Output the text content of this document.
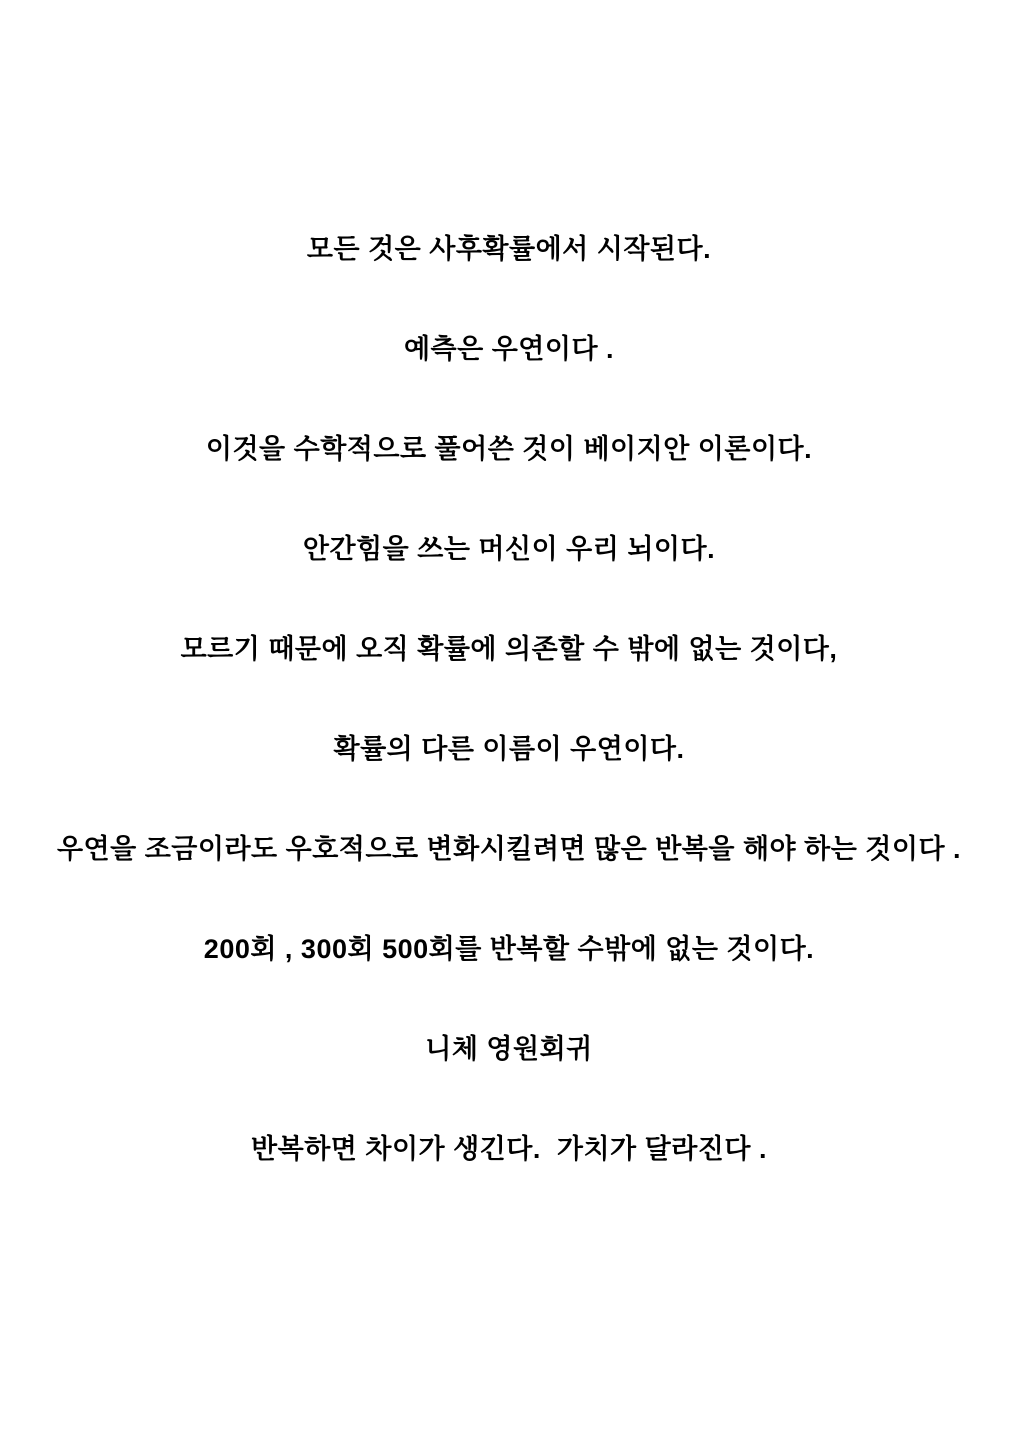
모든 것은 사후확률에서 시작된다.
예측은 우연이다 .
이것을 수학적으로 풀어쓴 것이 베이지안 이론이다.
안간힘을 쓰는 머신이 우리 뇌이다.
모르기 때문에 오직 확률에 의존할 수 밖에 없는 것이다,
확률의 다른 이름이 우연이다.
우연을 조금이라도 우호적으로 변화시킬려면 많은 반복을 해야 하는 것이다 .
200회 , 300회 500회를 반복할 수밖에 없는 것이다.
니체 영원회귀
반복하면 차이가 생긴다.  가치가 달라진다 .
